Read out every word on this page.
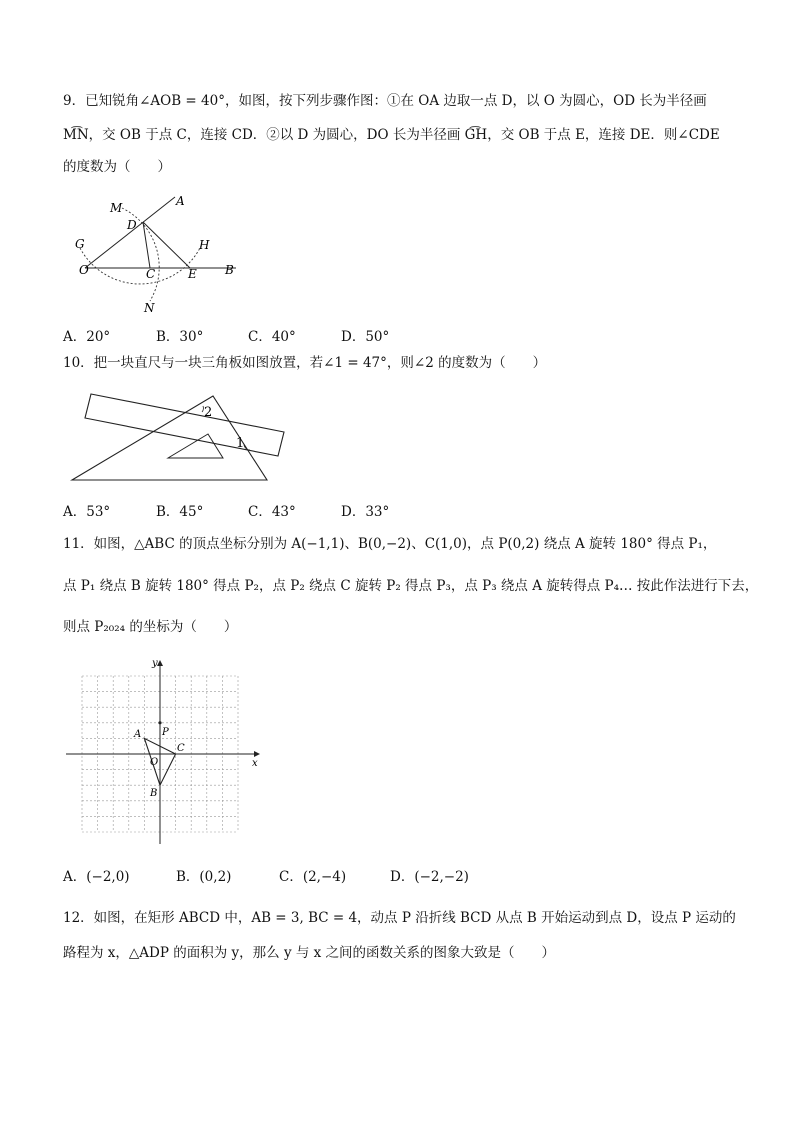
9．已知锐角∠AOB = 40°，如图，按下列步骤作图：①在 OA 边取一点 D，以 O 为圆心，OD 长为半径画
M͡N，交 OB 于点 C，连接 CD．②以 D 为圆心，DO 长为半径画 G͡H，交 OB 于点 E，连接 DE．则∠CDE
的度数为（　　）
M	A
D
G	H
O	C	E B
N
A．20°	B．30°	C．40°	D．50°
10．把一块直尺与一块三角板如图放置，若∠1 = 47°，则∠2 的度数为（　　）
2
1
A．53°	B．45°	C．43°	D．33°
11．如图，△ABC 的顶点坐标分别为 A(−1,1)、B(0,−2)、C(1,0)，点 P(0,2) 绕点 A 旋转 180° 得点 P₁，
点 P₁ 绕点 B 旋转 180° 得点 P₂，点 P₂ 绕点 C 旋转 P₂ 得点 P₃，点 P₃ 绕点 A 旋转得点 P₄… 按此作法进行下去，
则点 P₂₀₂₄ 的坐标为（　　）
y
x
A
B
C
O
P
A．(−2,0)	B．(0,2)	C．(2,−4)	D．(−2,−2)
12．如图，在矩形 ABCD 中，AB = 3, BC = 4，动点 P 沿折线 BCD 从点 B 开始运动到点 D，设点 P 运动的
路程为 x，△ADP 的面积为 y，那么 y 与 x 之间的函数关系的图象大致是（　　）
